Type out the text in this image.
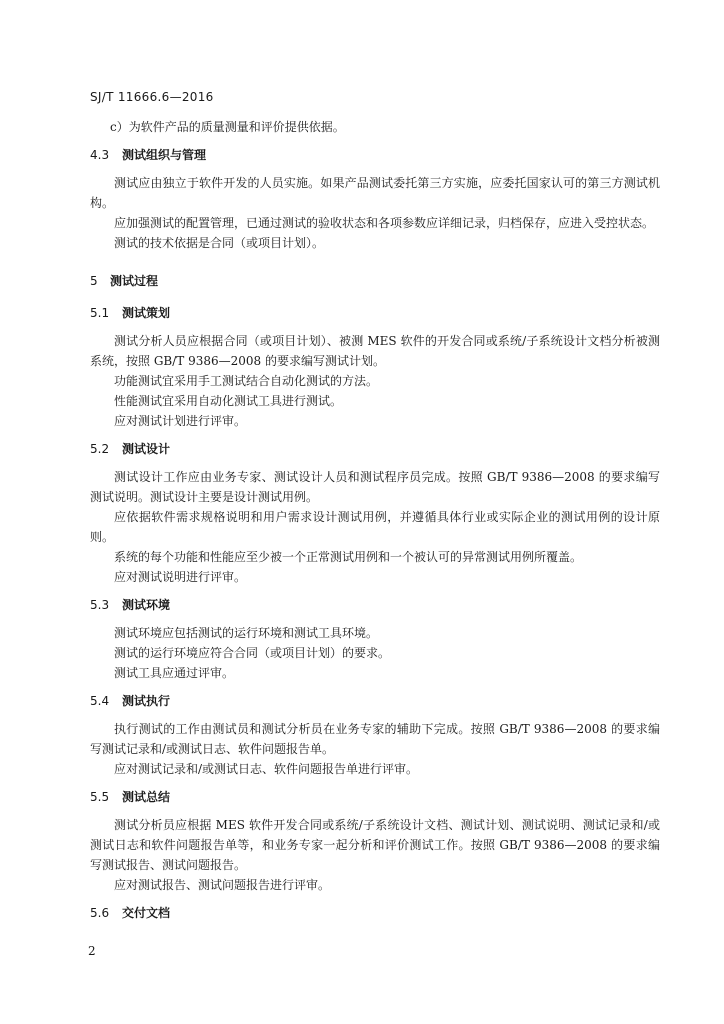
SJ/T 11666.6—2016

c）为软件产品的质量测量和评价提供依据。

4.3 测试组织与管理

测试应由独立于软件开发的人员实施。如果产品测试委托第三方实施，应委托国家认可的第三方测试机构。

应加强测试的配置管理，已通过测试的验收状态和各项参数应详细记录，归档保存，应进入受控状态。

测试的技术依据是合同（或项目计划）。

5 测试过程
5.1 测试策划

测试分析人员应根据合同（或项目计划）、被测 MES 软件的开发合同或系统/子系统设计文档分析被测系统，按照 GB/T 9386—2008 的要求编写测试计划。

功能测试宜采用手工测试结合自动化测试的方法。

性能测试宜采用自动化测试工具进行测试。

应对测试计划进行评审。

5.2 测试设计

测试设计工作应由业务专家、测试设计人员和测试程序员完成。按照 GB/T 9386—2008 的要求编写测试说明。测试设计主要是设计测试用例。

应依据软件需求规格说明和用户需求设计测试用例，并遵循具体行业或实际企业的测试用例的设计原则。

系统的每个功能和性能应至少被一个正常测试用例和一个被认可的异常测试用例所覆盖。

应对测试说明进行评审。

5.3 测试环境

测试环境应包括测试的运行环境和测试工具环境。

测试的运行环境应符合合同（或项目计划）的要求。

测试工具应通过评审。

5.4 测试执行

执行测试的工作由测试员和测试分析员在业务专家的辅助下完成。按照 GB/T 9386—2008 的要求编写测试记录和/或测试日志、软件问题报告单。

应对测试记录和/或测试日志、软件问题报告单进行评审。

5.5 测试总结

测试分析员应根据 MES 软件开发合同或系统/子系统设计文档、测试计划、测试说明、测试记录和/或测试日志和软件问题报告单等，和业务专家一起分析和评价测试工作。按照 GB/T 9386—2008 的要求编写测试报告、测试问题报告。

应对测试报告、测试问题报告进行评审。

5.6 交付文档
2
